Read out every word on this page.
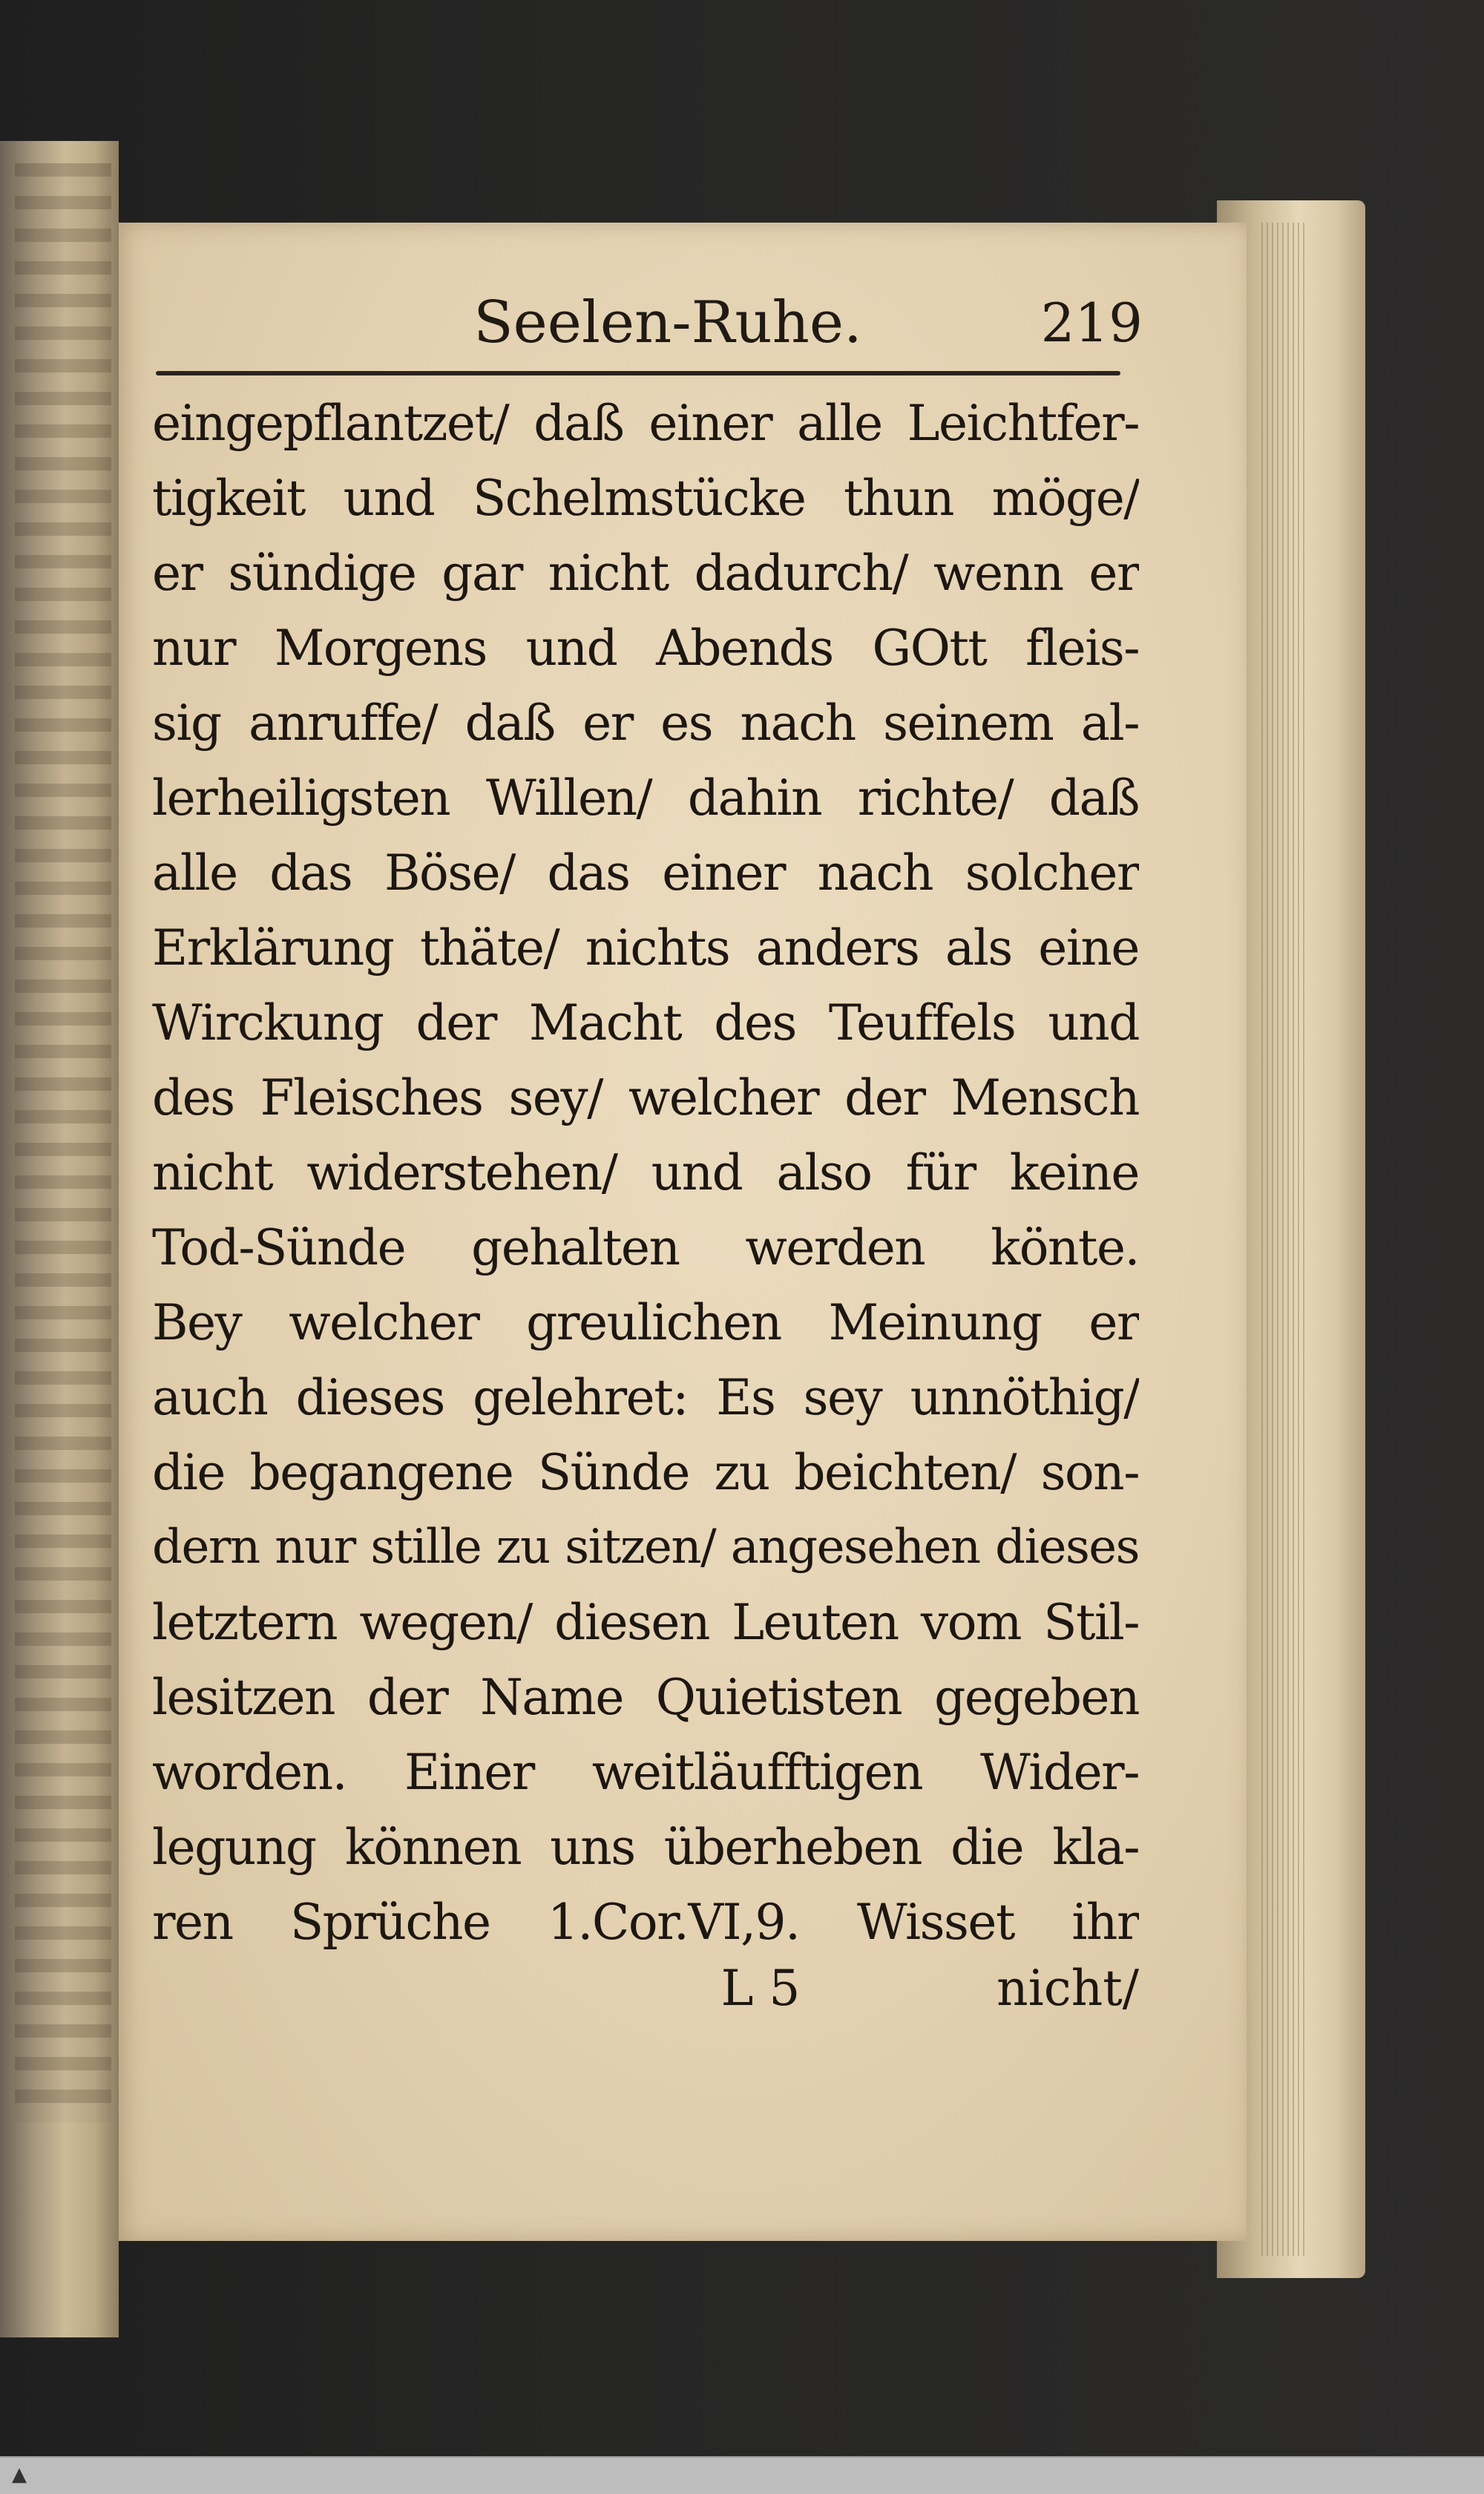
Seelen-Ruhe.	219
eingepflantzet/ daß einer alle Leichtfer-
tigkeit und Schelmstücke thun möge/
er sündige gar nicht dadurch/ wenn er
nur Morgens und Abends GOtt fleis-
sig anruffe/ daß er es nach seinem al-
lerheiligsten Willen/ dahin richte/ daß
alle das Böse/ das einer nach solcher
Erklärung thäte/ nichts anders als eine
Wirckung der Macht des Teuffels und
des Fleisches sey/ welcher der Mensch
nicht widerstehen/ und also für keine
Tod-Sünde gehalten werden könte.
Bey welcher greulichen Meinung er
auch dieses gelehret: Es sey unnöthig/
die begangene Sünde zu beichten/ son-
dern nur stille zu sitzen/ angesehen dieses
letztern wegen/ diesen Leuten vom Stil-
lesitzen der Name Quietisten gegeben
worden. Einer weitläufftigen Wider-
legung können uns überheben die kla-
ren Sprüche 1.Cor.VI,9. Wisset ihr
L 5	nicht/
▲
